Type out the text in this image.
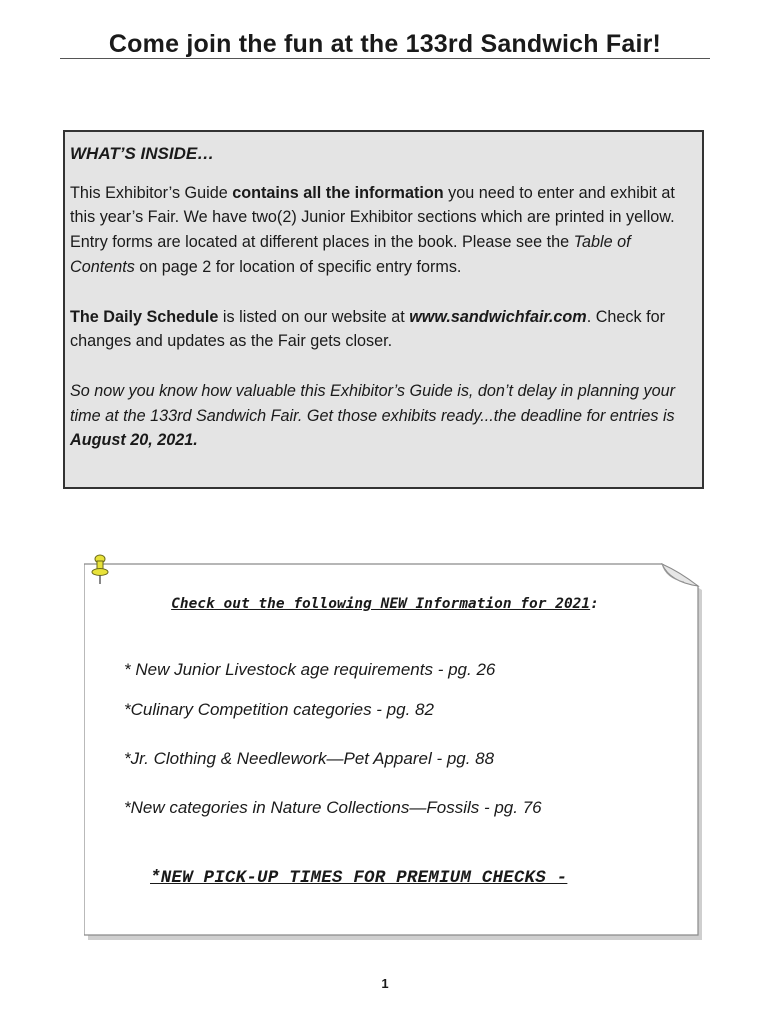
Come join the fun at the 133rd Sandwich Fair!
WHAT’S INSIDE…

This Exhibitor’s Guide contains all the information you need to enter and exhibit at this year’s Fair. We have two(2) Junior Exhibitor sections which are printed in yellow. Entry forms are located at different places in the book. Please see the Table of Contents on page 2 for location of specific entry forms.

The Daily Schedule is listed on our website at www.sandwichfair.com. Check for changes and updates as the Fair gets closer.

So now you know how valuable this Exhibitor’s Guide is, don’t delay in planning your time at the 133rd Sandwich Fair. Get those exhibits ready...the deadline for entries is August 20, 2021.

Check out the following NEW Information for 2021:
* New Junior Livestock age requirements - pg. 26
*Culinary Competition categories - pg. 82
*Jr. Clothing & Needlework—Pet Apparel - pg. 88
*New categories in Nature Collections—Fossils - pg. 76
*NEW PICK-UP TIMES FOR PREMIUM CHECKS -
1
